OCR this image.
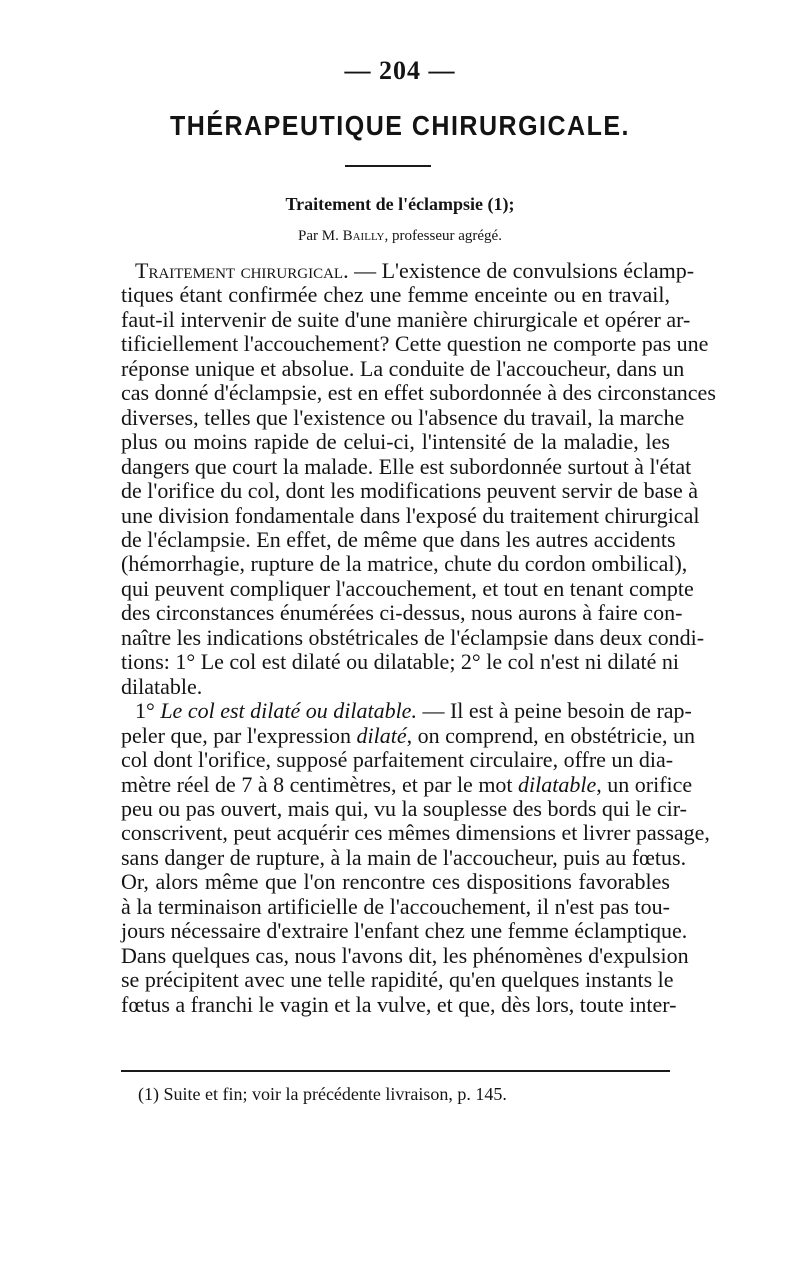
— 204 —
THÉRAPEUTIQUE CHIRURGICALE.
Traitement de l'éclampsie (1);
Par M. Bailly, professeur agrégé.
Traitement chirurgical. — L'existence de convulsions éclamp-
tiques étant confirmée chez une femme enceinte ou en travail,
faut-il intervenir de suite d'une manière chirurgicale et opérer ar-
tificiellement l'accouchement? Cette question ne comporte pas une
réponse unique et absolue. La conduite de l'accoucheur, dans un
cas donné d'éclampsie, est en effet subordonnée à des circonstances
diverses, telles que l'existence ou l'absence du travail, la marche
plus ou moins rapide de celui-ci, l'intensité de la maladie, les
dangers que court la malade. Elle est subordonnée surtout à l'état
de l'orifice du col, dont les modifications peuvent servir de base à
une division fondamentale dans l'exposé du traitement chirurgical
de l'éclampsie. En effet, de même que dans les autres accidents
(hémorrhagie, rupture de la matrice, chute du cordon ombilical),
qui peuvent compliquer l'accouchement, et tout en tenant compte
des circonstances énumérées ci-dessus, nous aurons à faire con-
naître les indications obstétricales de l'éclampsie dans deux condi-
tions: 1° Le col est dilaté ou dilatable; 2° le col n'est ni dilaté ni
dilatable.
1° Le col est dilaté ou dilatable. — Il est à peine besoin de rap-
peler que, par l'expression dilaté, on comprend, en obstétricie, un
col dont l'orifice, supposé parfaitement circulaire, offre un dia-
mètre réel de 7 à 8 centimètres, et par le mot dilatable, un orifice
peu ou pas ouvert, mais qui, vu la souplesse des bords qui le cir-
conscrivent, peut acquérir ces mêmes dimensions et livrer passage,
sans danger de rupture, à la main de l'accoucheur, puis au fœtus.
Or, alors même que l'on rencontre ces dispositions favorables
à la terminaison artificielle de l'accouchement, il n'est pas tou-
jours nécessaire d'extraire l'enfant chez une femme éclamptique.
Dans quelques cas, nous l'avons dit, les phénomènes d'expulsion
se précipitent avec une telle rapidité, qu'en quelques instants le
fœtus a franchi le vagin et la vulve, et que, dès lors, toute inter-
(1) Suite et fin; voir la précédente livraison, p. 145.
